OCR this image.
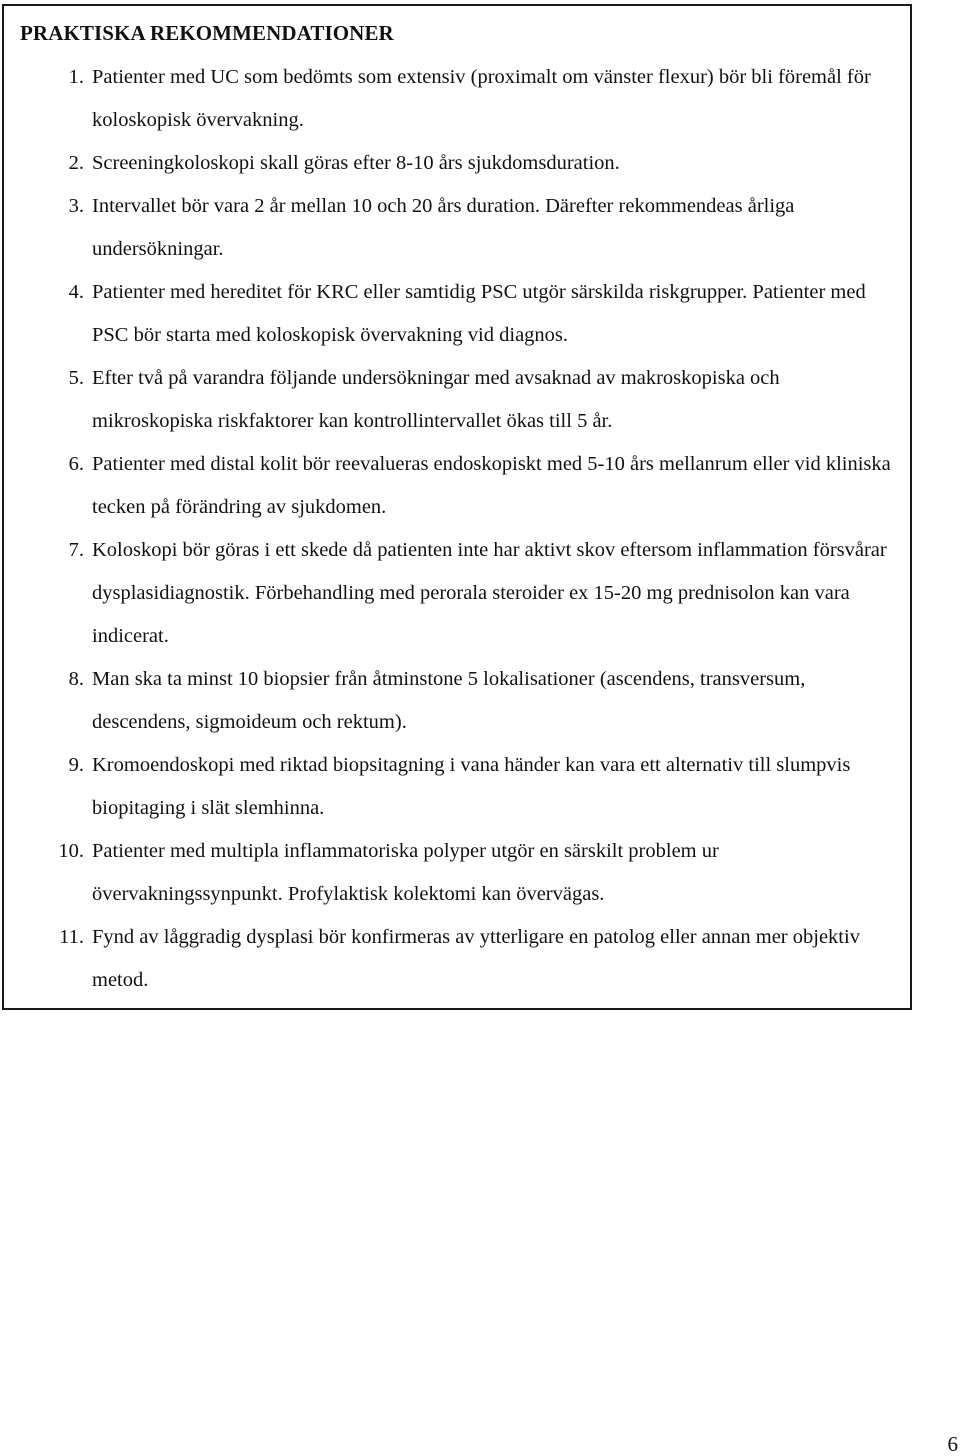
PRAKTISKA REKOMMENDATIONER
1. Patienter med UC som bedömts som extensiv (proximalt om vänster flexur) bör bli föremål för koloskopisk övervakning.
2. Screeningkoloskopi skall göras efter 8-10 års sjukdomsduration.
3. Intervallet bör vara 2 år mellan 10 och 20 års duration. Därefter rekommendeas årliga undersökningar.
4. Patienter med hereditet för KRC eller samtidig PSC utgör särskilda riskgrupper. Patienter med PSC bör starta med koloskopisk övervakning vid diagnos.
5. Efter två på varandra följande undersökningar med avsaknad av makroskopiska och mikroskopiska riskfaktorer kan kontrollintervallet ökas till 5 år.
6. Patienter med distal kolit bör reevalueras endoskopiskt med 5-10 års mellanrum eller vid kliniska tecken på förändring av sjukdomen.
7. Koloskopi bör göras i ett skede då patienten inte har aktivt skov eftersom inflammation försvårar dysplasidiagnostik. Förbehandling med perorala steroider ex 15-20 mg prednisolon kan vara indicerat.
8. Man ska ta minst 10 biopsier från åtminstone 5 lokalisationer (ascendens, transversum, descendens, sigmoideum och rektum).
9. Kromoendoskopi med riktad biopsitagning i vana händer kan vara ett alternativ till slumpvis biopitaging i slät slemhinna.
10. Patienter med multipla inflammatoriska polyper utgör en särskilt problem ur övervakningssynpunkt. Profylaktisk kolektomi kan övervägas.
11. Fynd av låggradig dysplasi bör konfirmeras av ytterligare en patolog eller annan mer objektiv metod.
6
